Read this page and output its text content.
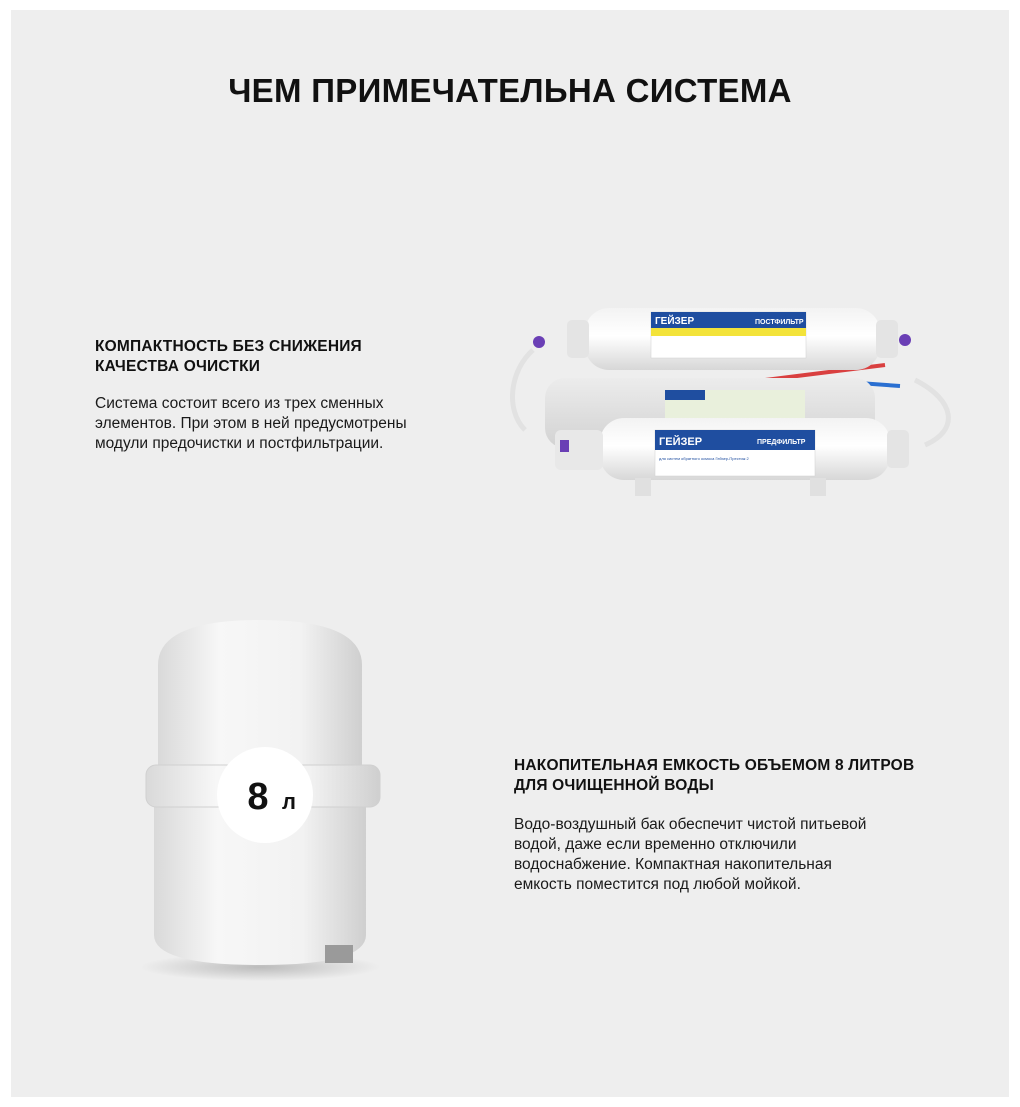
ЧЕМ ПРИМЕЧАТЕЛЬНА СИСТЕМА
КОМПАКТНОСТЬ БЕЗ СНИЖЕНИЯ
КАЧЕСТВА ОЧИСТКИ

Система состоит всего из трех сменных
элементов. При этом в ней предусмотрены
модули предочистки и постфильтрации.

ГЕЙЗЕР	ПОСТФИЛЬТР
ГЕЙЗЕР	ПРЕДФИЛЬТР
для систем обратного осмоса Гейзер-Престиж 2
НАКОПИТЕЛЬНАЯ ЕМКОСТЬ ОБЪЕМОМ 8 ЛИТРОВ
ДЛЯ ОЧИЩЕННОЙ ВОДЫ

Водо-воздушный бак обеспечит чистой питьевой
водой, даже если временно отключили
водоснабжение. Компактная накопительная
емкость поместится под любой мойкой.

8 л
